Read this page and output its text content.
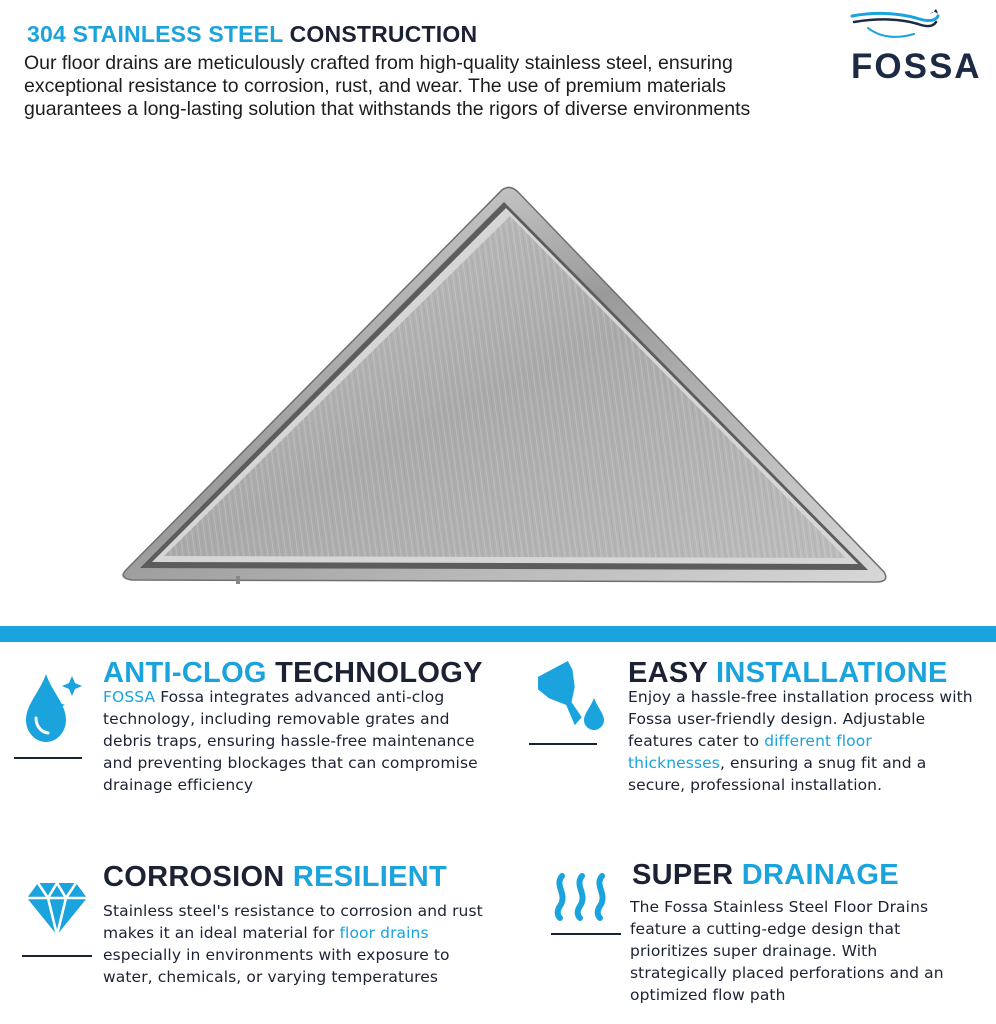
304 STAINLESS STEEL CONSTRUCTION

Our floor drains are meticulously crafted from high-quality stainless steel, ensuring exceptional resistance to corrosion, rust, and wear. The use of premium materials guarantees a long-lasting solution that withstands the rigors of diverse environments

FOSSA
ANTI-CLOG TECHNOLOGY

FOSSA Fossa integrates advanced anti-clog technology, including removable grates and debris traps, ensuring hassle-free maintenance and preventing blockages that can compromise drainage efficiency

EASY INSTALLATIONE

Enjoy a hassle-free installation process with Fossa user-friendly design. Adjustable features cater to different floor thicknesses, ensuring a snug fit and a secure, professional installation.

CORROSION RESILIENT

Stainless steel's resistance to corrosion and rust makes it an ideal material for floor drains especially in environments with exposure to water, chemicals, or varying temperatures

SUPER DRAINAGE

The Fossa Stainless Steel Floor Drains feature a cutting-edge design that prioritizes super drainage. With strategically placed perforations and an optimized flow path
